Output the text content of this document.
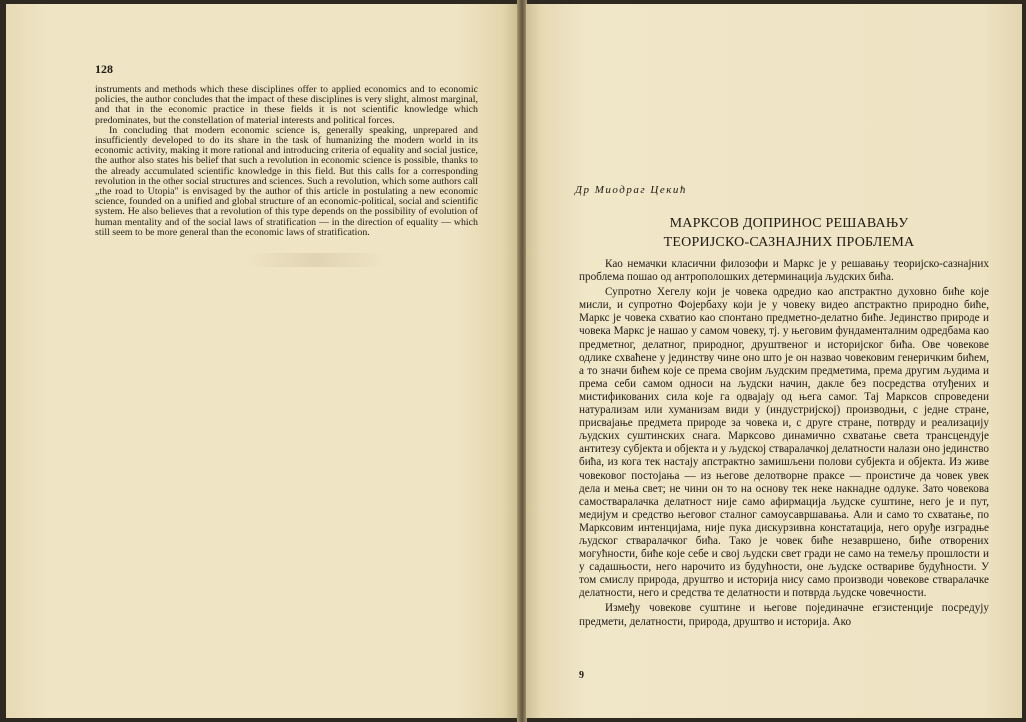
128

instruments and methods which these disciplines offer to applied economics and to economic policies, the author concludes that the impact of these disciplines is very slight, almost marginal, and that in the economic practice in these fields it is not scientific knowledge which predominates, but the constellation of material interests and political forces.

In concluding that modern economic science is, generally speaking, unprepared and insufficiently developed to do its share in the task of humanizing the modern world in its economic activity, making it more rational and introducing criteria of equality and social justice, the author also states his belief that such a revolution in economic science is possible, thanks to the already accumulated scientific knowledge in this field. But this calls for a corresponding revolution in the other social structures and sciences. Such a revolution, which some authors call „the road to Utopia" is envisaged by the author of this article in postulating a new economic science, founded on a unified and global structure of an economic-political, social and scientific system. He also believes that a revolution of this type depends on the possibility of evolution of human mentality and of the social laws of stratification — in the direction of equality — which still seem to be more general than the economic laws of stratification.

Др Миодраг Цекић
МАРКСОВ ДОПРИНОС РЕШАВАЊУ
ТЕОРИЈСКО-САЗНАЈНИХ ПРОБЛЕМА

Као немачки класични филозофи и Маркс је у решавању теоријско-сазнајних проблема пошао од антрополошких детерминација људских бића.

Супротно Хегелу који је човека одредио као апстрактно духовно биће које мисли, и супротно Фојербаху који је у човеку видео апстрактно природно биће, Маркс је човека схватио као спонтано предметно-делатно биће. Јединство природе и човека Маркс је нашао у самом човеку, тј. у његовим фундаменталним одредбама као предметног, делатног, природног, друштвеног и историјског бића. Ове човекове одлике схваћене у јединству чине оно што је он назвао човековим генеричким бићем, а то значи бићем које се према својим људским предметима, према другим људима и према себи самом односи на људски начин, дакле без посредства отуђених и мистификованих сила које га одвајају од њега самог. Тај Марксов спроведени натурализам или хуманизам види у (индустријској) производњи, с једне стране, присвајање предмета природе за човека и, с друге стране, потврду и реализацију људских суштинских снага. Марксово динамично схватање света трансцендује антитезу субјекта и објекта и у људској стваралачкој делатности налази оно јединство бића, из кога тек настају апстрактно замишљени полови субјекта и објекта. Из живе човековог постојања — из његове делотворне праксе — проистиче да човек увек дела и мења свет; не чини он то на основу тек неке накнадне одлуке. Зато човекова самостваралачка делатност није само афирмација људске суштине, него је и пут, медијум и средство његовог сталног самоусавршавања. Али и само то схватање, по Марксовим интенцијама, није пука дискурзивна констатација, него оруђе изградње људског стваралачког бића. Тако је човек биће незавршено, биће отворених могућности, биће које себе и свој људски свет гради не само на темељу прошлости и у садашњости, него нарочито из будућности, оне људске остваривe будућности. У том смислу природа, друштво и историја нису само производи човекове стваралачке делатности, него и средства те делатности и потврда људске човечности.

Између човекове суштине и његове појединачне егзистенције посредују предмети, делатности, природа, друштво и историја. Ако

9
